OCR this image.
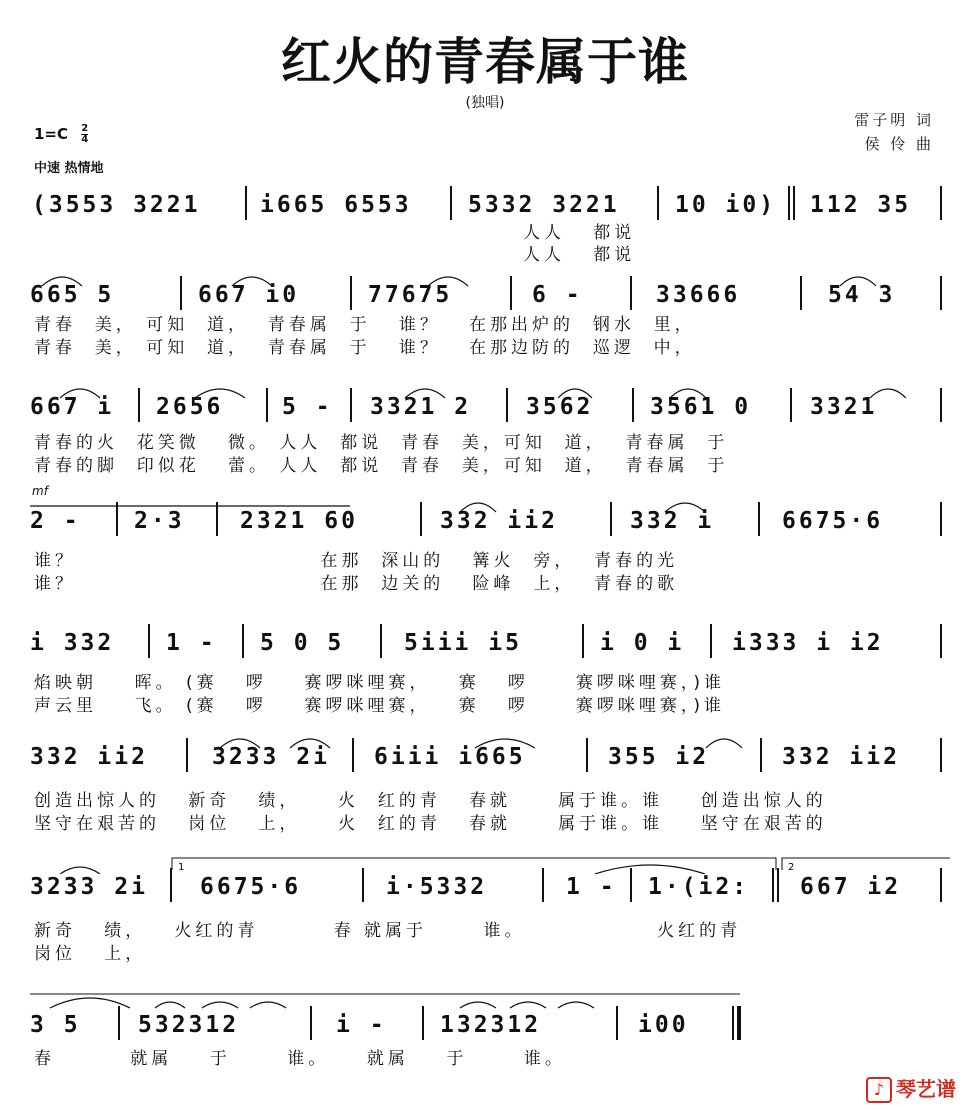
红火的青春属于谁
(独唱)
雷子明 词
侯 伶 曲
$1=C \frac{2}{4}$
中速 热情地
mf
(3553 3221	i665 6553 5332 3221 10 i0) 112 35
人人   都说
人人   都说
665 5	667 i0	77675	6 -	33666	54 3
青春  美， 可知  道，  青春属  于   谁？   在那出炉的  钢水  里，
青春  美， 可知  道，  青春属  于   谁？   在那边防的  巡逻  中，
667 i 2656	5 - 3321 2 3562 3561 0	3321
青春的火  花笑微   微。 人人  都说  青春  美，可知  道，  青春属  于
青春的脚  印似花   蕾。 人人  都说  青春  美，可知  道，  青春属  于
2 - 2·3 2321 60	332 ii2	332 i	6675·6
谁？                          在那  深山的   篝火  旁，  青春的光
谁？                          在那  边关的   险峰  上，  青春的歌
i 332 1 - 5 0 5	5iii i5	i 0 i i333 i i2
焰映朝    晖。 (赛   啰    赛啰咪哩赛，   赛   啰     赛啰咪哩赛，)谁
声云里    飞。 (赛   啰    赛啰咪哩赛，   赛   啰     赛啰咪哩赛，)谁
332 ii2	3233 2i 6iii i665	355 i2	332 ii2
创造出惊人的   新奇   绩，    火  红的青   春就     属于谁。谁    创造出惊人的
坚守在艰苦的   岗位   上，    火  红的青   春就     属于谁。谁    坚守在艰苦的
1	2
3233 2i 6675·6	i·5332	1 - 1·(i2: 667 i2
新奇   绩，   火红的青        春 就属于      谁。              火红的青
岗位   上，
3 5 532312	i - 132312	i00
春        就属    于      谁。    就属    于      谁。
♪ 琴艺谱
